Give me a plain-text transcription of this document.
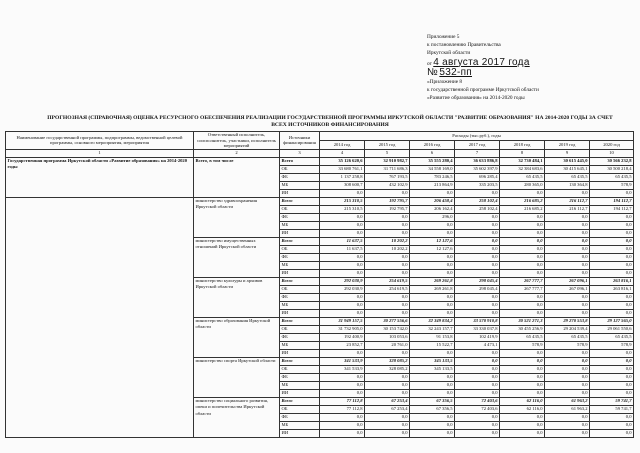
Приложение 5
к постановлению Правительства
Иркутской области
от 4 августа 2017 года
№ 532-пп
«Приложение 8
к государственной программе Иркутской области
«Развитие образования» на 2014-2020 годы
ПРОГНОЗНАЯ (СПРАВОЧНАЯ) ОЦЕНКА РЕСУРСНОГО ОБЕСПЕЧЕНИЯ РЕАЛИЗАЦИИ ГОСУДАРСТВЕННОЙ ПРОГРАММЫ ИРКУТСКОЙ ОБЛАСТИ "РАЗВИТИЕ ОБРАЗОВАНИЯ" НА 2014-2020 ГОДЫ ЗА СЧЕТ ВСЕХ ИСТОЧНИКОВ ФИНАНСИРОВАНИЯ
Наименование государственной программы, подпрограммы, ведомственной целевой программы, основного мероприятия, мероприятия	Ответственный исполнитель, соисполнитель, участники, исполнитель мероприятий	Источники финансирования	Расходы (тыс.руб.), годы						
			2014 год	2015 год	2016 год	2017 год	2018 год	2019 год	2020 год
1	2	3	4	5	6	7	8	9	10
Государственная программа Иркутской области «Развитие образования» на 2014-2020 годы	Всего, в том числе	Всего	35 126 620,6	32 910 982,7	35 555 280,4	36 633 886,8	32 730 484,1	30 615 445,0	30 566 232,8
		ОБ	33 680 761,1	31 711 686,3	34 558 169,0	35 602 397,9	32 384 683,6	30 415 645,1	30 500 218,4
		ФБ	1 137 258,8	767 193,5	783 246,5	696 285,4	65 435,5	65 435,5	65 435,5
		МБ	308 600,7	432 102,9	213 864,9	335 203,5	280 365,0	130 364,8	578,9
		ИИ	0,0	0,0	0,0	0,0	0,0	0,0	0,0
	министерство здравоохранения Иркутской области	Всего	215 310,5	192 795,7	206 458,4	258 102,4	216 685,2	216 112,7	194 112,7
		ОБ	215 310,5	192 795,7	206 162,4	258 102,4	216 685,2	216 112,7	194 112,7
		ФБ	0,0	0,0	296,0	0,0	0,0	0,0	0,0
		МБ	0,0	0,0	0,0	0,0	0,0	0,0	0,0
		ИИ	0,0	0,0	0,0	0,0	0,0	0,0	0,0
	министерство имущественных отношений Иркутской области	Всего	11 637,5	10 202,2	12 127,6	0,0	0,0	0,0	0,0
		ОБ	11 637,5	10 202,2	12 127,6	0,0	0,0	0,0	0,0
		ФБ	0,0	0,0	0,0	0,0	0,0	0,0	0,0
		МБ	0,0	0,0	0,0	0,0	0,0	0,0	0,0
		ИИ	0,0	0,0	0,0	0,0	0,0	0,0	0,0
	министерство культуры и архивов Иркутской области	Всего	292 030,9	254 619,5	269 261,8	298 045,4	267 777,7	267 096,1	263 816,1
		ОБ	292 030,9	254 619,5	269 261,8	298 045,4	267 777,7	267 096,1	263 816,1
		ФБ	0,0	0,0	0,0	0,0	0,0	0,0	0,0
		МБ	0,0	0,0	0,0	0,0	0,0	0,0	0,0
		ИИ	0,0	0,0	0,0	0,0	0,0	0,0	0,0
	министерство образования Иркутской области	Всего	31 949 157,5	30 277 556,6	32 349 834,2	33 570 910,8	30 521 271,3	29 270 553,8	29 127 565,0
		ОБ	31 732 905,0	30 153 742,0	32 243 157,7	33 330 037,8	30 455 256,9	29 204 539,4	29 061 550,6
		ФБ	192 400,9	103 053,6	91 153,8	102 419,9	65 435,5	65 435,5	65 435,5
		МБ	23 852,7	20 761,0	15 522,7	4 473,1	578,9	578,9	578,9
		ИИ	0,0	0,0	0,0	0,0	0,0	0,0	0,0
	министерство спорта Иркутской области	Всего	341 533,9	328 085,2	345 133,5	0,0	0,0	0,0	0,0
		ОБ	341 533,9	328 085,2	345 133,5	0,0	0,0	0,0	0,0
		ФБ	0,0	0,0	0,0	0,0	0,0	0,0	0,0
		МБ	0,0	0,0	0,0	0,0	0,0	0,0	0,0
		ИИ	0,0	0,0	0,0	0,0	0,0	0,0	0,0
	министерство социального развития, опеки и попечительства Иркутской области	Всего	77 112,8	67 253,4	67 356,5	72 403,6	62 116,0	61 963,2	59 741,7
		ОБ	77 112,8	67 253,4	67 356,5	72 403,6	62 116,0	61 963,2	59 741,7
		ФБ	0,0	0,0	0,0	0,0	0,0	0,0	0,0
		МБ	0,0	0,0	0,0	0,0	0,0	0,0	0,0
		ИИ	0,0	0,0	0,0	0,0	0,0	0,0	0,0
